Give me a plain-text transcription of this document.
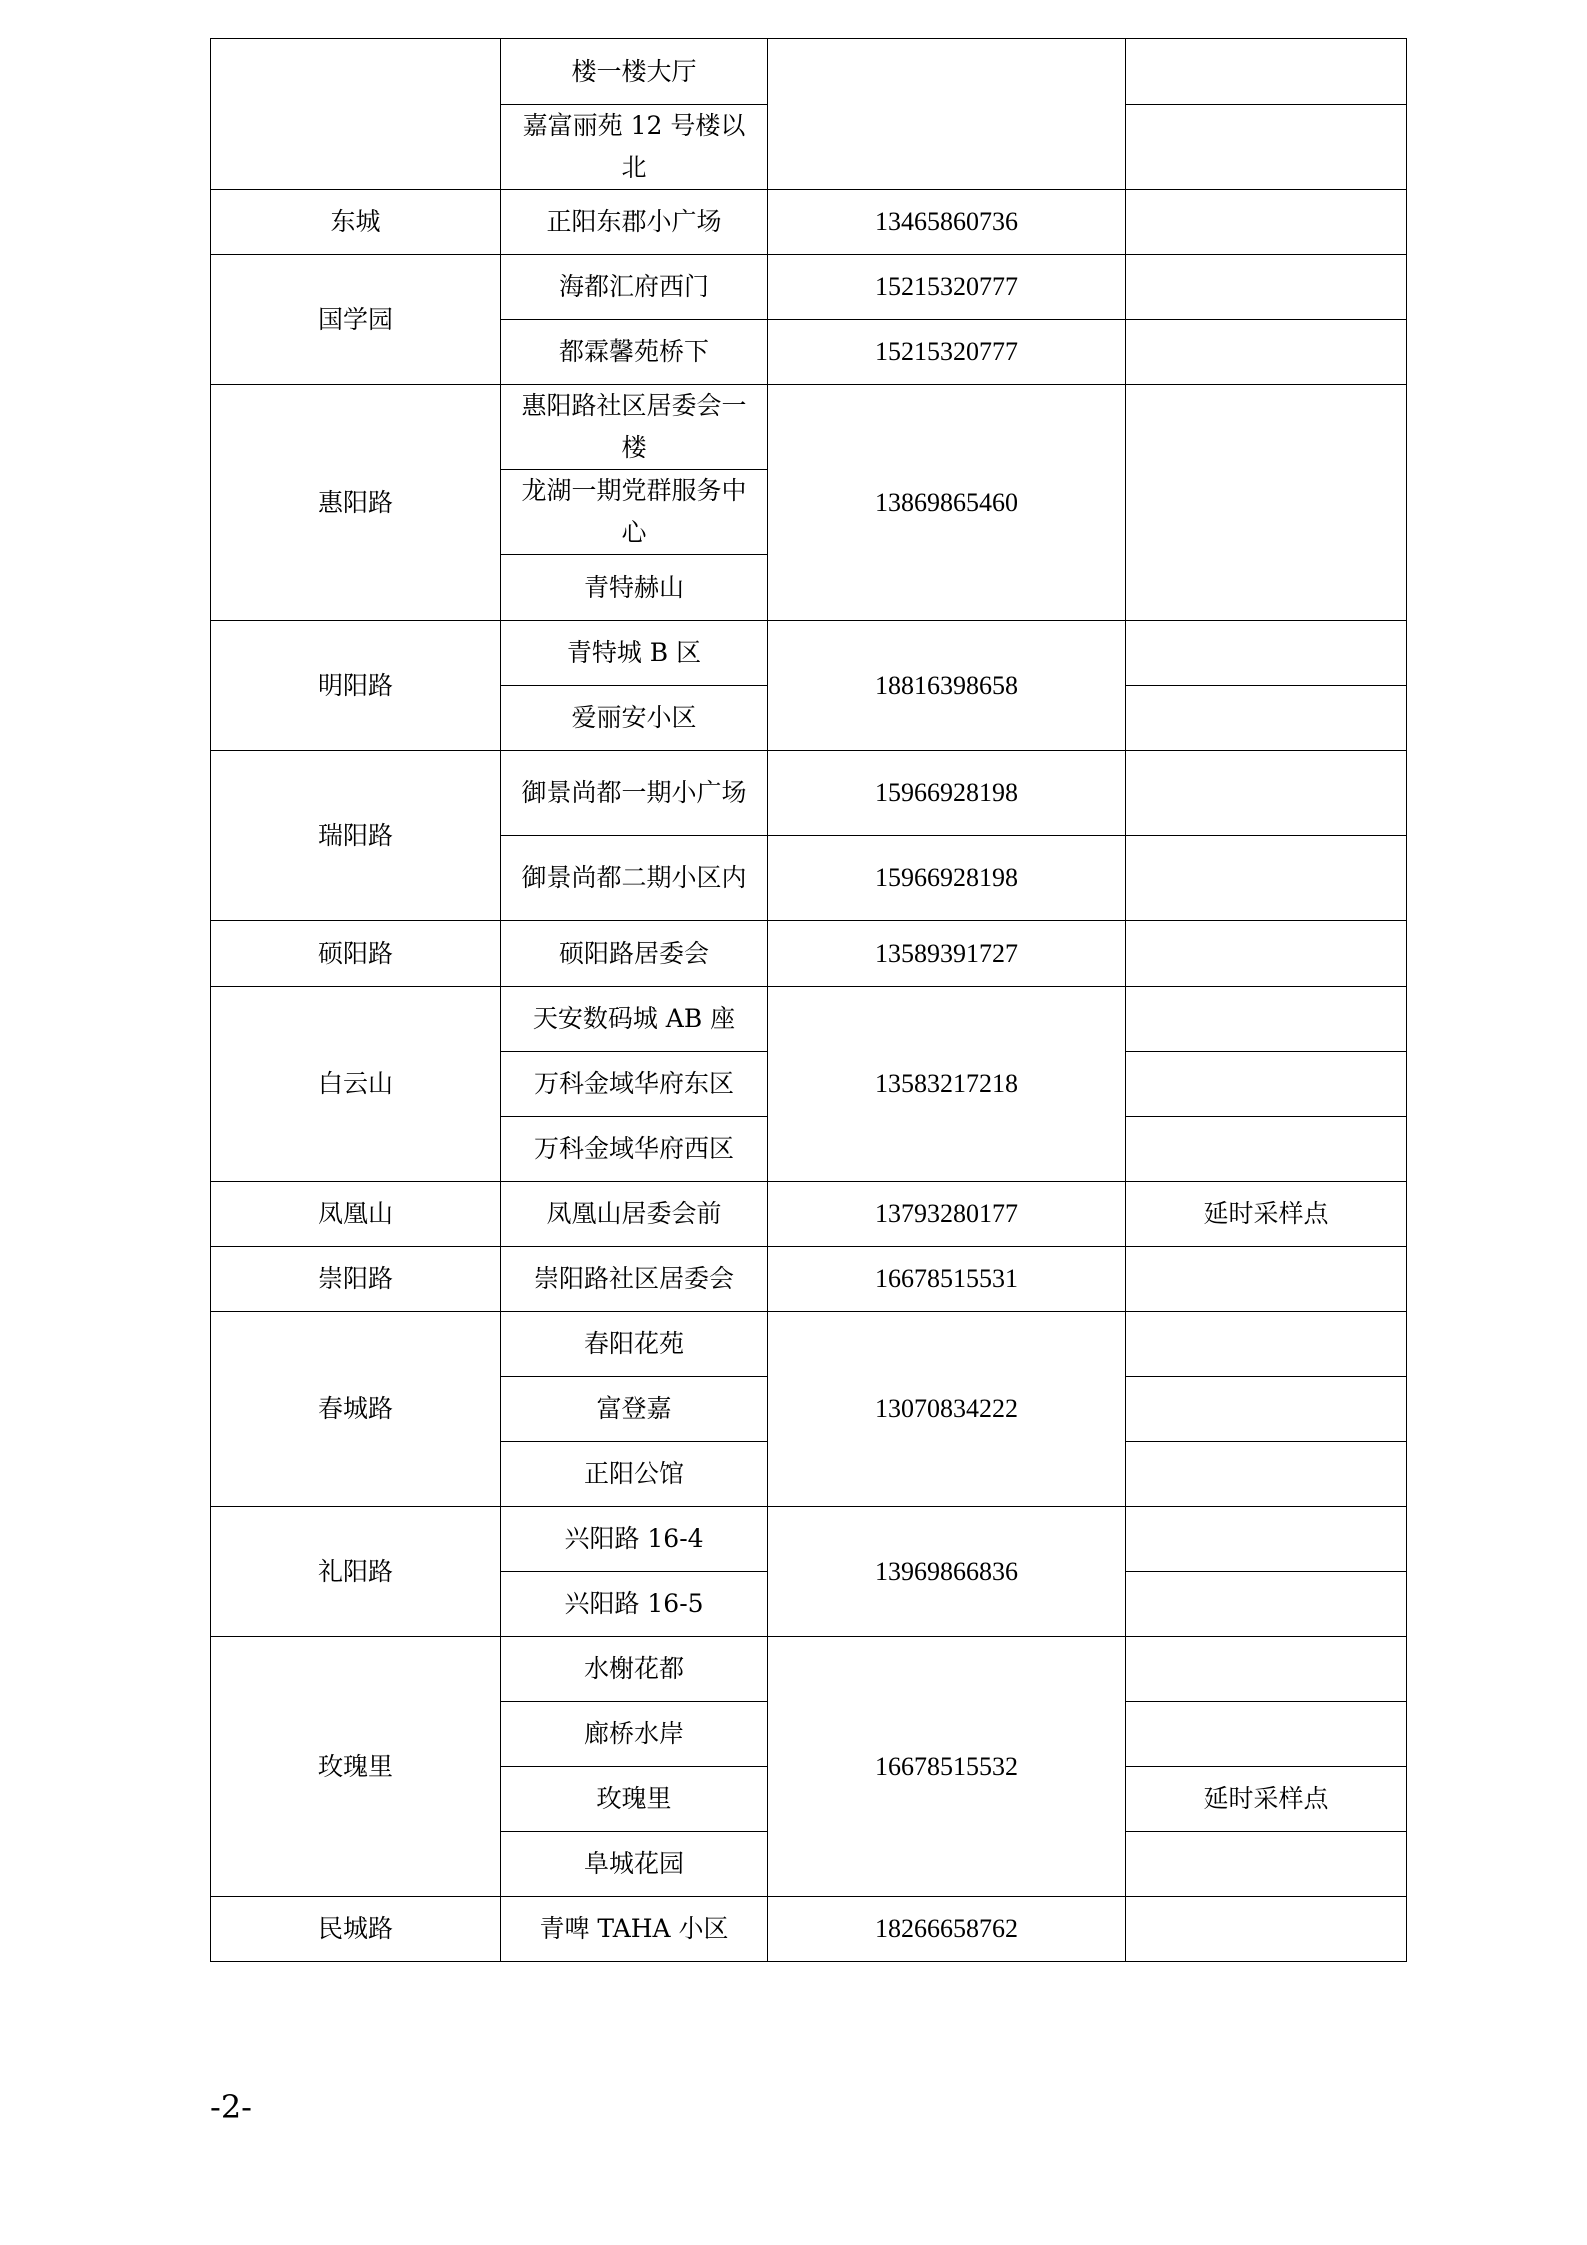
	楼一楼大厅		
	嘉富丽苑 12 号楼以北		
东城	正阳东郡小广场	13465860736	
国学园	海都汇府西门	15215320777	
	都霖馨苑桥下	15215320777	
惠阳路	惠阳路社区居委会一楼	13869865460	
	龙湖一期党群服务中心		
	青特赫山		
明阳路	青特城 B 区	18816398658	
	爱丽安小区		
瑞阳路	御景尚都一期小广场	15966928198	
	御景尚都二期小区内	15966928198	
硕阳路	硕阳路居委会	13589391727	
白云山	天安数码城 AB 座	13583217218	
	万科金域华府东区		
	万科金域华府西区		
凤凰山	凤凰山居委会前	13793280177	延时采样点
崇阳路	崇阳路社区居委会	16678515531	
春城路	春阳花苑	13070834222	
	富登嘉		
	正阳公馆		
礼阳路	兴阳路 16-4	13969866836	
	兴阳路 16-5		
玫瑰里	水榭花都	16678515532	
	廊桥水岸		
	玫瑰里		延时采样点
	阜城花园		
民城路	青啤 TAHA 小区	18266658762	
-2-
